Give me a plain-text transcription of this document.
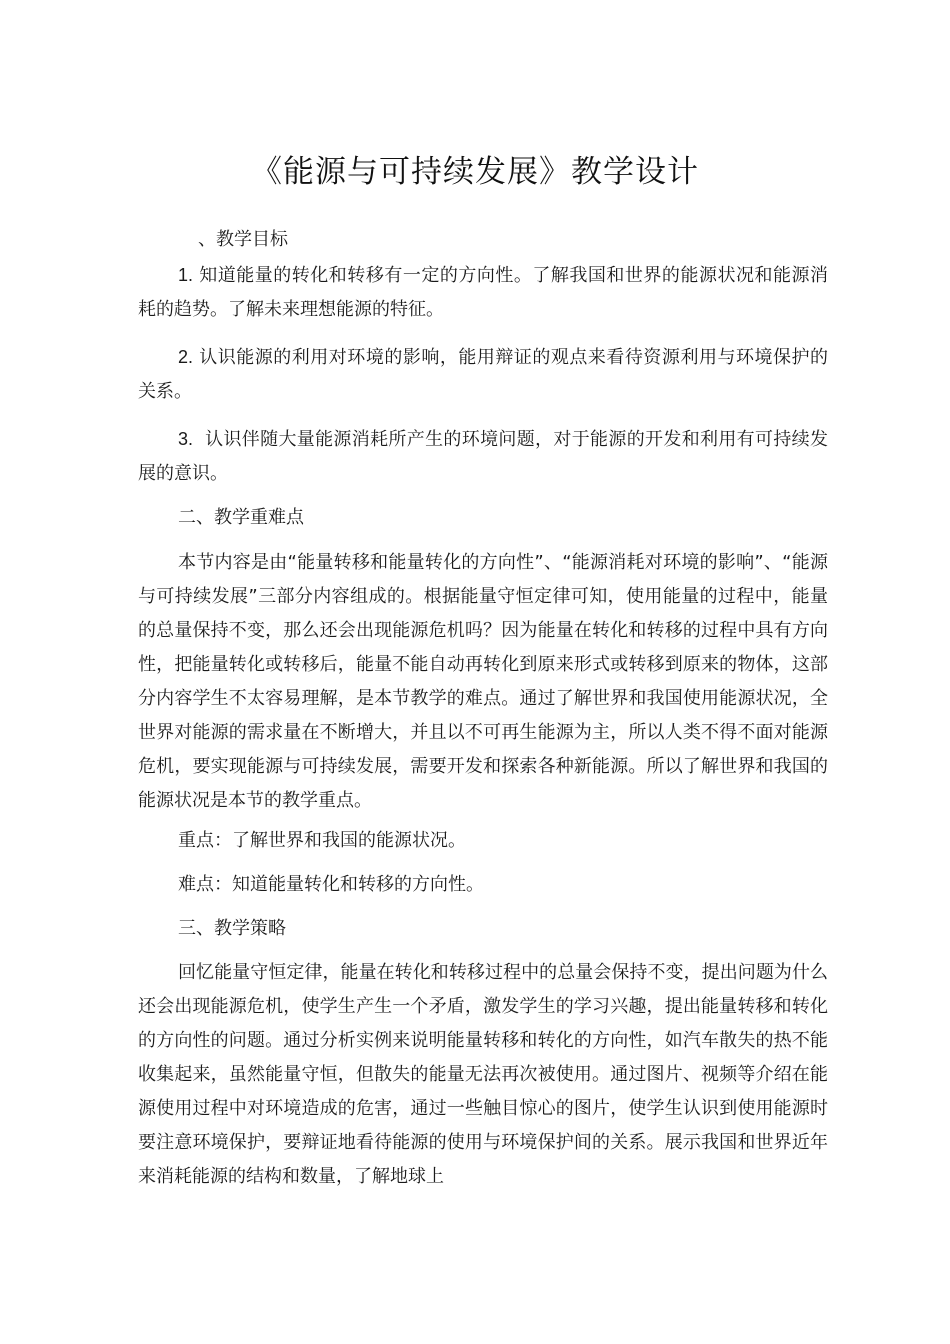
《能源与可持续发展》教学设计
、教学目标

1. 知道能量的转化和转移有一定的方向性。了解我国和世界的能源状况和能源消耗的趋势。了解未来理想能源的特征。

2. 认识能源的利用对环境的影响，能用辩证的观点来看待资源利用与环境保护的关系。

3. 认识伴随大量能源消耗所产生的环境问题，对于能源的开发和利用有可持续发展的意识。

二、教学重难点

本节内容是由“能量转移和能量转化的方向性”、“能源消耗对环境的影响”、“能源与可持续发展”三部分内容组成的。根据能量守恒定律可知，使用能量的过程中，能量的总量保持不变，那么还会出现能源危机吗？因为能量在转化和转移的过程中具有方向性，把能量转化或转移后，能量不能自动再转化到原来形式或转移到原来的物体，这部分内容学生不太容易理解，是本节教学的难点。通过了解世界和我国使用能源状况，全世界对能源的需求量在不断增大，并且以不可再生能源为主，所以人类不得不面对能源危机，要实现能源与可持续发展，需要开发和探索各种新能源。所以了解世界和我国的能源状况是本节的教学重点。

重点：了解世界和我国的能源状况。
难点：知道能量转化和转移的方向性。
三、教学策略

回忆能量守恒定律，能量在转化和转移过程中的总量会保持不变，提出问题为什么还会出现能源危机，使学生产生一个矛盾，激发学生的学习兴趣，提出能量转移和转化的方向性的问题。通过分析实例来说明能量转移和转化的方向性，如汽车散失的热不能收集起来，虽然能量守恒，但散失的能量无法再次被使用。通过图片、视频等介绍在能源使用过程中对环境造成的危害，通过一些触目惊心的图片，使学生认识到使用能源时要注意环境保护，要辩证地看待能源的使用与环境保护间的关系。展示我国和世界近年来消耗能源的结构和数量，了解地球上
